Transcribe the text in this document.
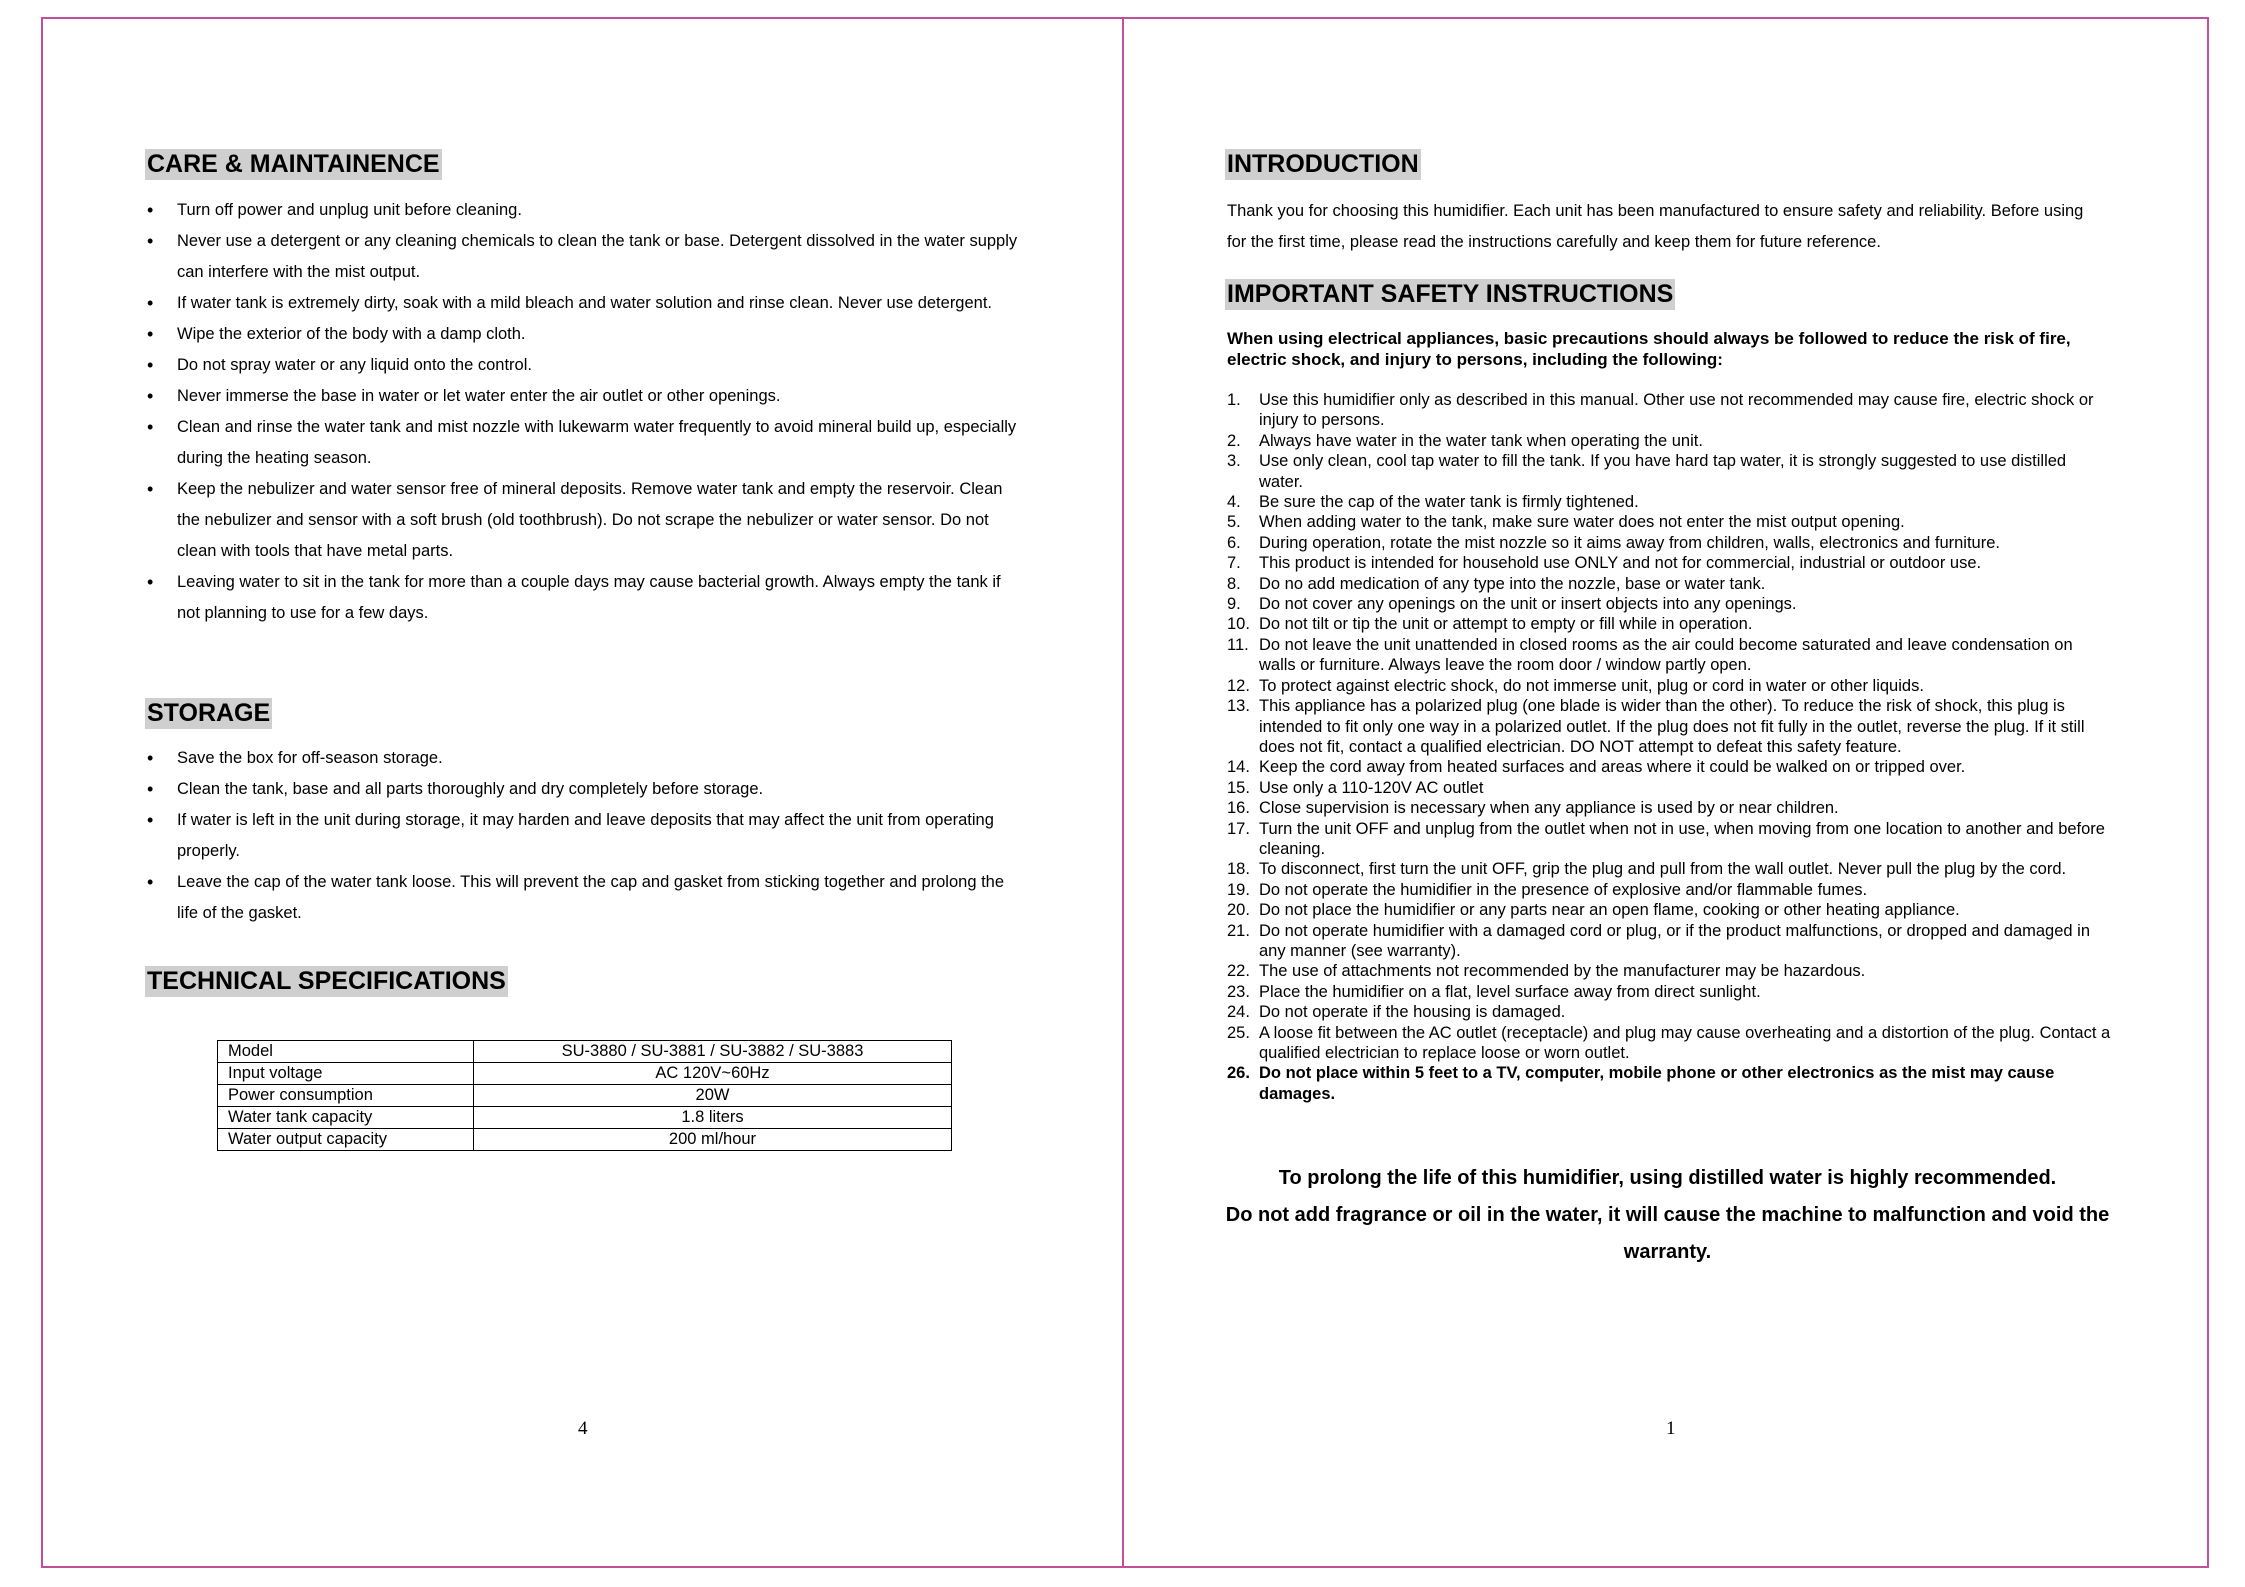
CARE & MAINTAINENCE
• Turn off power and unplug unit before cleaning.
• Never use a detergent or any cleaning chemicals to clean the tank or base. Detergent dissolved in the water supply can interfere with the mist output.
• If water tank is extremely dirty, soak with a mild bleach and water solution and rinse clean. Never use detergent.
• Wipe the exterior of the body with a damp cloth.
• Do not spray water or any liquid onto the control.
• Never immerse the base in water or let water enter the air outlet or other openings.
• Clean and rinse the water tank and mist nozzle with lukewarm water frequently to avoid mineral build up, especially during the heating season.
• Keep the nebulizer and water sensor free of mineral deposits. Remove water tank and empty the reservoir. Clean the nebulizer and sensor with a soft brush (old toothbrush). Do not scrape the nebulizer or water sensor. Do not clean with tools that have metal parts.
• Leaving water to sit in the tank for more than a couple days may cause bacterial growth. Always empty the tank if not planning to use for a few days.
STORAGE
• Save the box for off-season storage.
• Clean the tank, base and all parts thoroughly and dry completely before storage.
• If water is left in the unit during storage, it may harden and leave deposits that may affect the unit from operating properly.
• Leave the cap of the water tank loose. This will prevent the cap and gasket from sticking together and prolong the life of the gasket.
TECHNICAL SPECIFICATIONS
Model	SU-3880 / SU-3881 / SU-3882 / SU-3883
Input voltage	AC 120V~60Hz
Power consumption	20W
Water tank capacity	1.8 liters
Water output capacity	200 ml/hour
4
INTRODUCTION

Thank you for choosing this humidifier. Each unit has been manufactured to ensure safety and reliability. Before using for the first time, please read the instructions carefully and keep them for future reference.

IMPORTANT SAFETY INSTRUCTIONS

When using electrical appliances, basic precautions should always be followed to reduce the risk of fire, electric shock, and injury to persons, including the following:

1. Use this humidifier only as described in this manual. Other use not recommended may cause fire, electric shock or injury to persons.
2. Always have water in the water tank when operating the unit.
3. Use only clean, cool tap water to fill the tank. If you have hard tap water, it is strongly suggested to use distilled water.
4. Be sure the cap of the water tank is firmly tightened.
5. When adding water to the tank, make sure water does not enter the mist output opening.
6. During operation, rotate the mist nozzle so it aims away from children, walls, electronics and furniture.
7. This product is intended for household use ONLY and not for commercial, industrial or outdoor use.
8. Do no add medication of any type into the nozzle, base or water tank.
9. Do not cover any openings on the unit or insert objects into any openings.
10. Do not tilt or tip the unit or attempt to empty or fill while in operation.
11. Do not leave the unit unattended in closed rooms as the air could become saturated and leave condensation on walls or furniture. Always leave the room door / window partly open.
12. To protect against electric shock, do not immerse unit, plug or cord in water or other liquids.
13. This appliance has a polarized plug (one blade is wider than the other). To reduce the risk of shock, this plug is intended to fit only one way in a polarized outlet. If the plug does not fit fully in the outlet, reverse the plug. If it still does not fit, contact a qualified electrician. DO NOT attempt to defeat this safety feature.
14. Keep the cord away from heated surfaces and areas where it could be walked on or tripped over.
15. Use only a 110-120V AC outlet
16. Close supervision is necessary when any appliance is used by or near children.
17. Turn the unit OFF and unplug from the outlet when not in use, when moving from one location to another and before cleaning.
18. To disconnect, first turn the unit OFF, grip the plug and pull from the wall outlet. Never pull the plug by the cord.
19. Do not operate the humidifier in the presence of explosive and/or flammable fumes.
20. Do not place the humidifier or any parts near an open flame, cooking or other heating appliance.
21. Do not operate humidifier with a damaged cord or plug, or if the product malfunctions, or dropped and damaged in any manner (see warranty).
22. The use of attachments not recommended by the manufacturer may be hazardous.
23. Place the humidifier on a flat, level surface away from direct sunlight.
24. Do not operate if the housing is damaged.
25. A loose fit between the AC outlet (receptacle) and plug may cause overheating and a distortion of the plug. Contact a qualified electrician to replace loose or worn outlet.
26. Do not place within 5 feet to a TV, computer, mobile phone or other electronics as the mist may cause damages.

To prolong the life of this humidifier, using distilled water is highly recommended.
Do not add fragrance or oil in the water, it will cause the machine to malfunction and void the warranty.

1
